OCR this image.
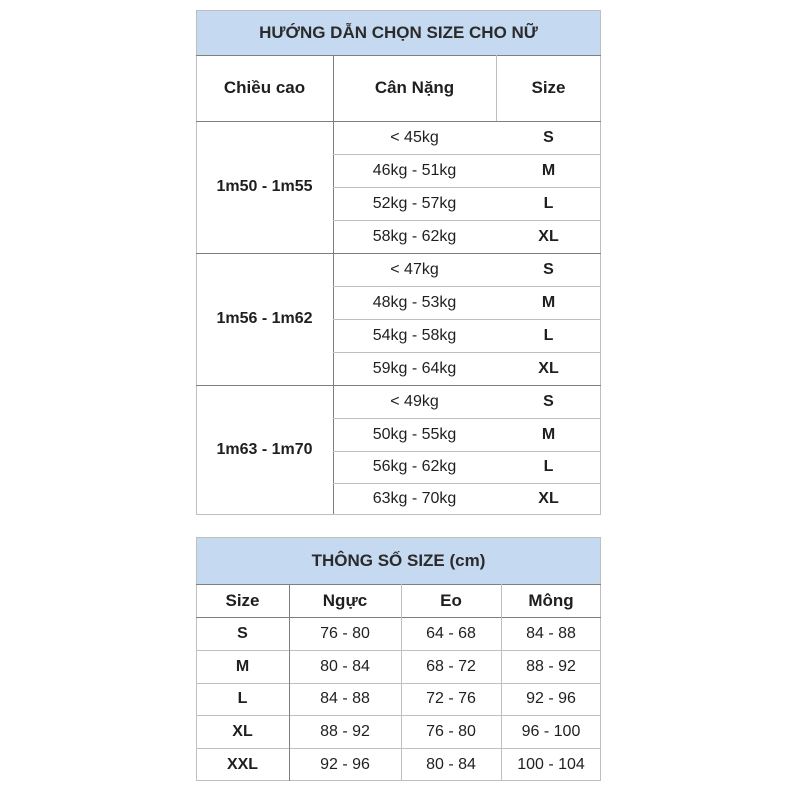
HƯỚNG DẪN CHỌN SIZE CHO NỮ
Chiều cao	Cân Nặng	Size
1m50 - 1m55
< 45kg	S
46kg - 51kg	M
52kg - 57kg	L
58kg - 62kg	XL
1m56 - 1m62
< 47kg	S
48kg - 53kg	M
54kg - 58kg	L
59kg - 64kg	XL
1m63 - 1m70
< 49kg	S
50kg - 55kg	M
56kg - 62kg	L
63kg - 70kg	XL
THÔNG SỐ SIZE (cm)
Size	Ngực	Eo	Mông
S	76 - 80	64 - 68	84 - 88
M	80 - 84	68 - 72	88 - 92
L	84 - 88	72 - 76	92 - 96
XL	88 - 92	76 - 80	96 - 100
XXL	92 - 96	80 - 84	100 - 104
